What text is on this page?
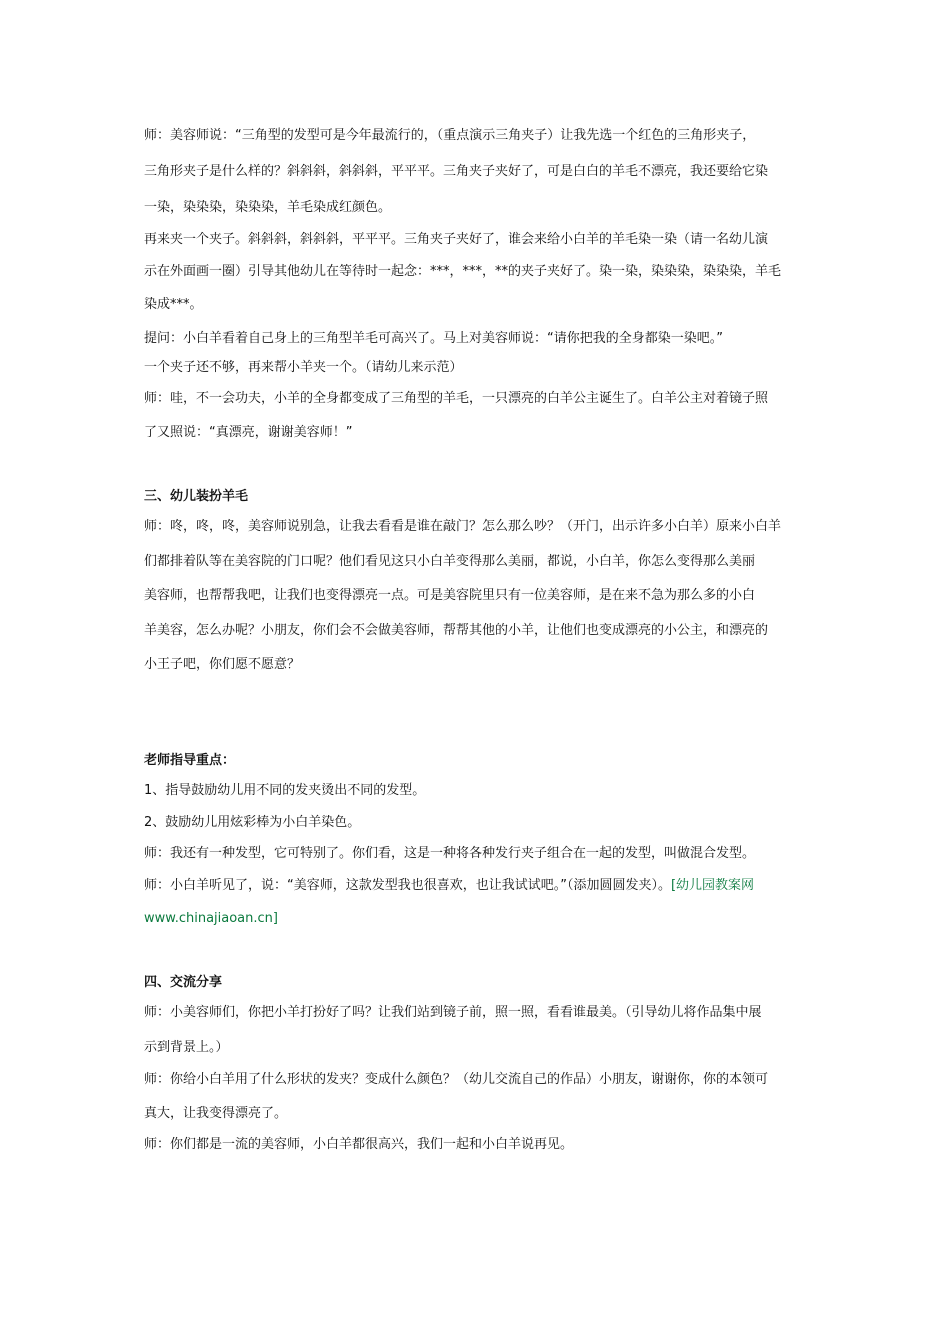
师：美容师说：“三角型的发型可是今年最流行的，（重点演示三角夹子）让我先选一个红色的三角形夹子，
三角形夹子是什么样的？斜斜斜，斜斜斜，平平平。三角夹子夹好了，可是白白的羊毛不漂亮，我还要给它染
一染，染染染，染染染，羊毛染成红颜色。
再来夹一个夹子。斜斜斜，斜斜斜，平平平。三角夹子夹好了，谁会来给小白羊的羊毛染一染（请一名幼儿演
示在外面画一圈）引导其他幼儿在等待时一起念：***，***，**的夹子夹好了。染一染，染染染，染染染，羊毛
染成***。
提问：小白羊看着自己身上的三角型羊毛可高兴了。马上对美容师说：“请你把我的全身都染一染吧。”
一个夹子还不够，再来帮小羊夹一个。（请幼儿来示范）
师：哇，不一会功夫，小羊的全身都变成了三角型的羊毛，一只漂亮的白羊公主诞生了。白羊公主对着镜子照
了又照说：“真漂亮，谢谢美容师！”
三、幼儿装扮羊毛
师：咚，咚，咚，美容师说别急，让我去看看是谁在敲门？怎么那么吵？（开门，出示许多小白羊）原来小白羊
们都排着队等在美容院的门口呢？他们看见这只小白羊变得那么美丽，都说，小白羊，你怎么变得那么美丽
美容师，也帮帮我吧，让我们也变得漂亮一点。可是美容院里只有一位美容师，是在来不急为那么多的小白
羊美容，怎么办呢？小朋友，你们会不会做美容师，帮帮其他的小羊，让他们也变成漂亮的小公主，和漂亮的
小王子吧，你们愿不愿意？
老师指导重点：
1、指导鼓励幼儿用不同的发夹烫出不同的发型。
2、鼓励幼儿用炫彩棒为小白羊染色。
师：我还有一种发型，它可特别了。你们看，这是一种将各种发行夹子组合在一起的发型，叫做混合发型。
师：小白羊听见了，说：“美容师，这款发型我也很喜欢，也让我试试吧。”（添加圆圆发夹）。[幼儿园教案网
www.chinajiaoan.cn]
四、交流分享
师：小美容师们，你把小羊打扮好了吗？让我们站到镜子前，照一照，看看谁最美。（引导幼儿将作品集中展
示到背景上。）
师：你给小白羊用了什么形状的发夹？变成什么颜色？（幼儿交流自己的作品）小朋友，谢谢你，你的本领可
真大，让我变得漂亮了。
师：你们都是一流的美容师，小白羊都很高兴，我们一起和小白羊说再见。
